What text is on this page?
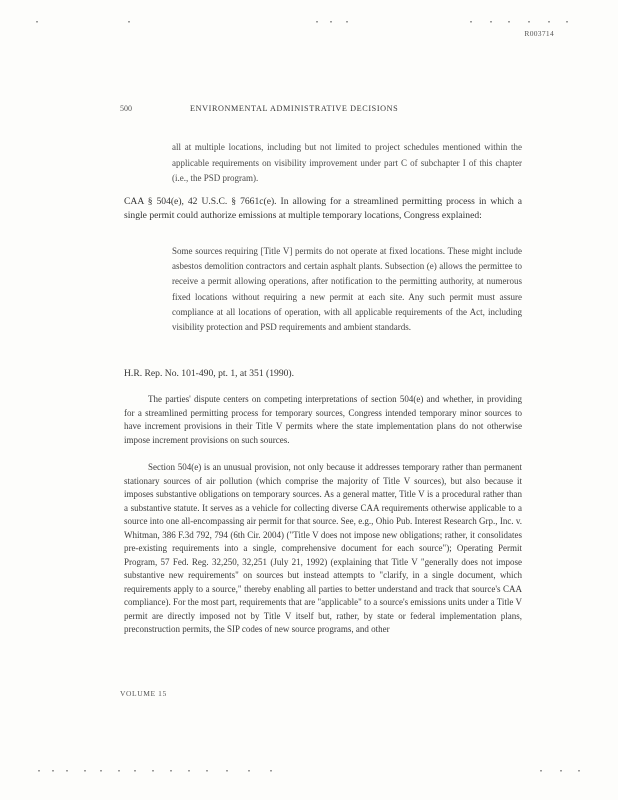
R003714
500	ENVIRONMENTAL ADMINISTRATIVE DECISIONS

all at multiple locations, including but not limited to project schedules mentioned within the applicable requirements on visibility improvement under part C of subchapter I of this chapter (i.e., the PSD program).

CAA § 504(e), 42 U.S.C. § 7661c(e). In allowing for a streamlined permitting process in which a single permit could authorize emissions at multiple temporary locations, Congress explained:

Some sources requiring [Title V] permits do not operate at fixed locations. These might include asbestos demolition contractors and certain asphalt plants. Subsection (e) allows the permittee to receive a permit allowing operations, after notification to the permitting authority, at numerous fixed locations without requiring a new permit at each site. Any such permit must assure compliance at all locations of operation, with all applicable requirements of the Act, including visibility protection and PSD requirements and ambient standards.

H.R. Rep. No. 101-490, pt. 1, at 351 (1990).

The parties' dispute centers on competing interpretations of section 504(e) and whether, in providing for a streamlined permitting process for temporary sources, Congress intended temporary minor sources to have increment provisions in their Title V permits where the state implementation plans do not otherwise impose increment provisions on such sources.

Section 504(e) is an unusual provision, not only because it addresses temporary rather than permanent stationary sources of air pollution (which comprise the majority of Title V sources), but also because it imposes substantive obligations on temporary sources. As a general matter, Title V is a procedural rather than a substantive statute. It serves as a vehicle for collecting diverse CAA requirements otherwise applicable to a source into one all-encompassing air permit for that source. See, e.g., Ohio Pub. Interest Research Grp., Inc. v. Whitman, 386 F.3d 792, 794 (6th Cir. 2004) ("Title V does not impose new obligations; rather, it consolidates pre-existing requirements into a single, comprehensive document for each source"); Operating Permit Program, 57 Fed. Reg. 32,250, 32,251 (July 21, 1992) (explaining that Title V "generally does not impose substantive new requirements" on sources but instead attempts to "clarify, in a single document, which requirements apply to a source," thereby enabling all parties to better understand and track that source's CAA compliance). For the most part, requirements that are "applicable" to a source's emissions units under a Title V permit are directly imposed not by Title V itself but, rather, by state or federal implementation plans, preconstruction permits, the SIP codes of new source programs, and other

VOLUME 15
